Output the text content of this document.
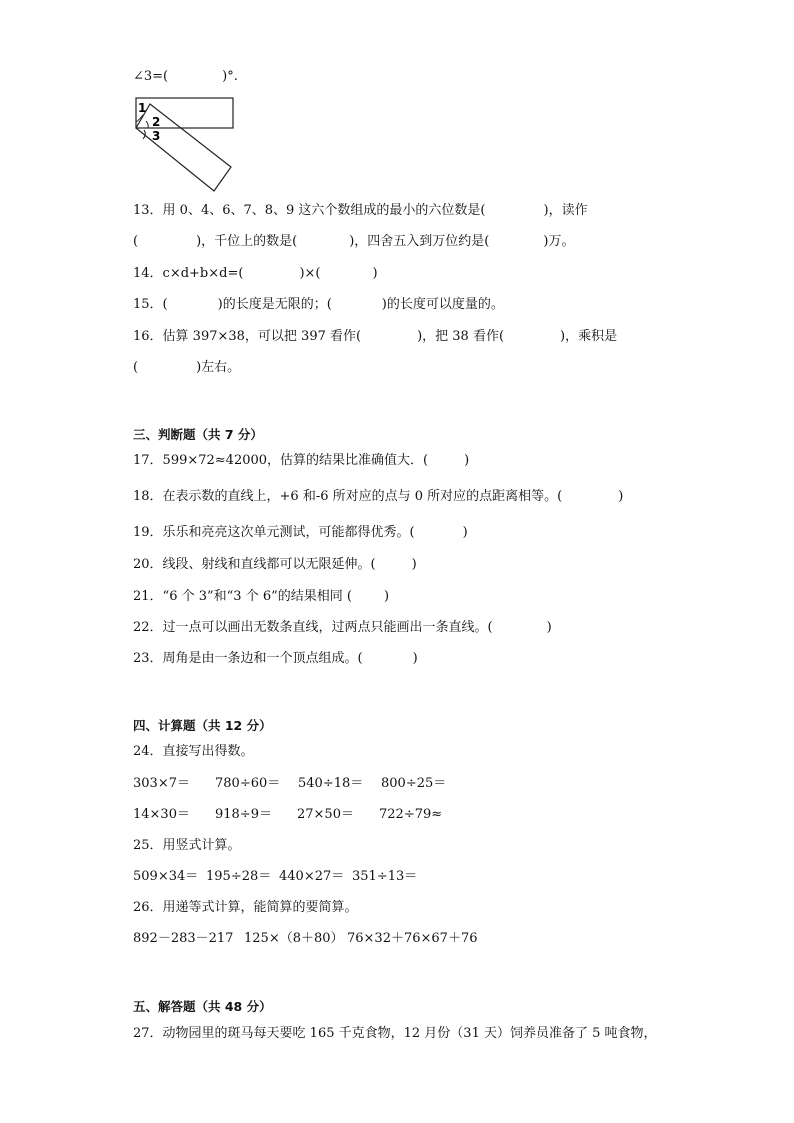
∠3=(	)°.
1
2
3
13．用 0、4、6、7、8、9 这六个数组成的最小的六位数是(	)，读作
(	)，千位上的数是(	)，四舍五入到万位约是(	)万。
14．c×d+b×d=(	)×(	)
15．(	)的长度是无限的；(	)的长度可以度量的。
16．估算 397×38，可以把 397 看作(	)，把 38 看作(	)，乘积是
(	)左右。
三、判断题（共 7 分）
17．599×72≈42000，估算的结果比准确值大．(	)
18．在表示数的直线上，+6 和-6 所对应的点与 0 所对应的点距离相等。(	)
19．乐乐和亮亮这次单元测试，可能都得优秀。(	)
20．线段、射线和直线都可以无限延伸。(	)
21．“6 个 3”和“3 个 6”的结果相同 ( )
22．过一点可以画出无数条直线，过两点只能画出一条直线。(	)
23．周角是由一条边和一个顶点组成。(	)
四、计算题（共 12 分）
24．直接写出得数。
303×7＝ 780÷60＝ 540÷18＝ 800÷25＝
14×30＝ 918÷9＝ 27×50＝ 722÷79≈
25．用竖式计算。
509×34＝ 195÷28＝ 440×27＝ 351÷13＝
26．用递等式计算，能简算的要简算。
892－283－217 125×（8＋80） 76×32＋76×67＋76
五、解答题（共 48 分）
27．动物园里的斑马每天要吃 165 千克食物，12 月份（31 天）饲养员准备了 5 吨食物，
